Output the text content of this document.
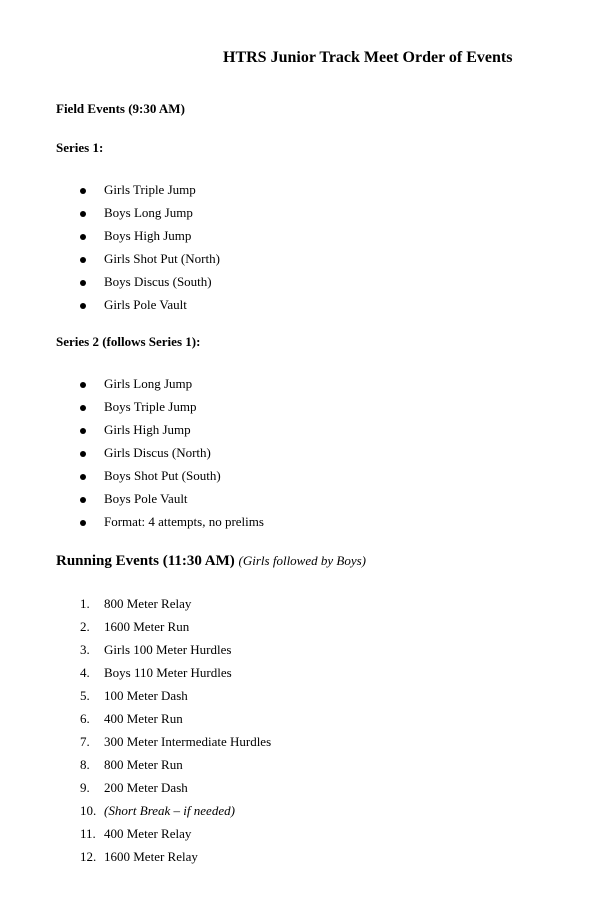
HTRS Junior Track Meet Order of Events
Field Events (9:30 AM)
Series 1:
Girls Triple Jump
Boys Long Jump
Boys High Jump
Girls Shot Put (North)
Boys Discus (South)
Girls Pole Vault
Series 2 (follows Series 1):
Girls Long Jump
Boys Triple Jump
Girls High Jump
Girls Discus (North)
Boys Shot Put (South)
Boys Pole Vault
Format: 4 attempts, no prelims
Running Events (11:30 AM) (Girls followed by Boys)
1. 800 Meter Relay
2. 1600 Meter Run
3. Girls 100 Meter Hurdles
4. Boys 110 Meter Hurdles
5. 100 Meter Dash
6. 400 Meter Run
7. 300 Meter Intermediate Hurdles
8. 800 Meter Run
9. 200 Meter Dash
10. (Short Break – if needed)
11. 400 Meter Relay
12. 1600 Meter Relay
